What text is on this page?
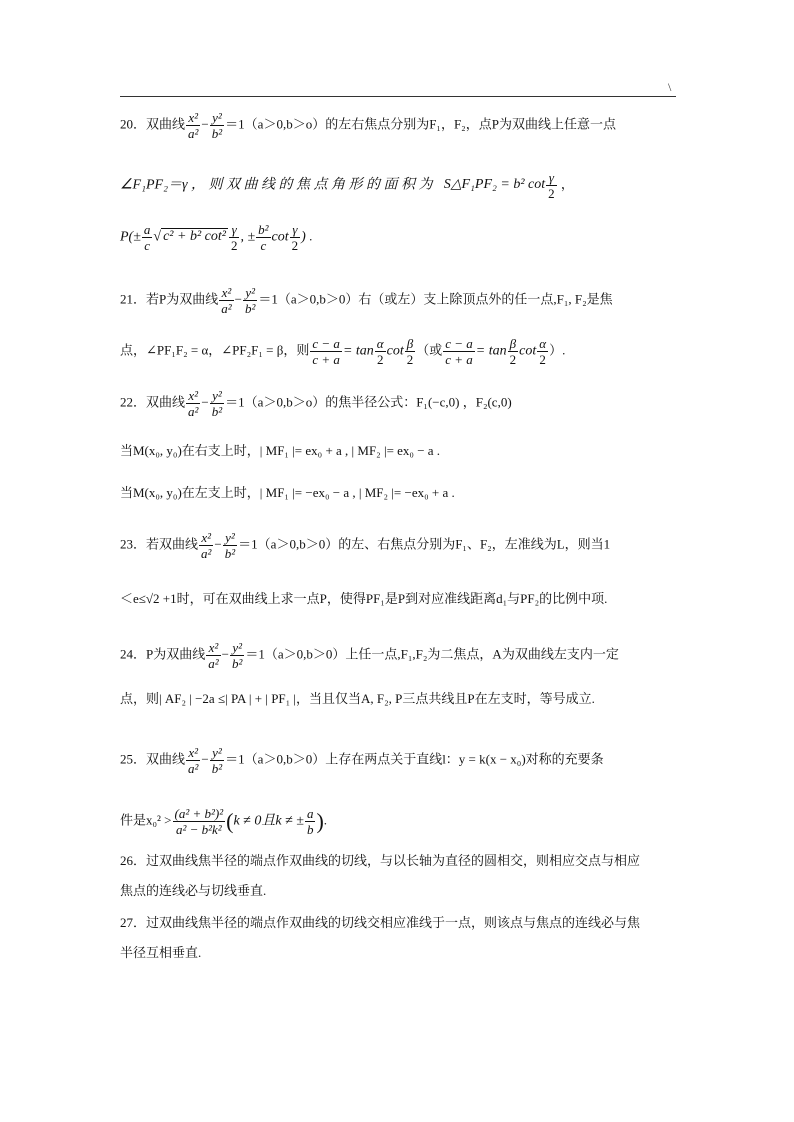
\
20．双曲线 $\frac{\text{x²}}{\text{a²}} - \frac{\text{y²}}{\text{b²}} =1(a>0,b>o)$的左右焦点分别为F₁，F₂，点P为双曲线上任意一点
∠F₁PF₂＝γ ， 则 双 曲 线 的 焦 点 角 形 的 面 积 为 S△F₁PF₂ = b² $\cot \frac{\gamma}{2}$ ，
$P(\pm \frac{a}{c}$ √ c² + b² $\cot^2 \frac{\gamma}{2}$ , ± $\frac{\text{b²}}{c}$ $\cot \frac{\gamma}{2}$ ) .
21．若P为双曲线 $\frac{\text{x²}}{\text{a²}} - \frac{\text{y²}}{\text{b²}} =1(a>0,b>0)$右（或左）支上除顶点外的任一点,F₁, F₂是焦
点，∠PF₁F₂ = α，∠PF₂F₁ = β，则 $\frac{c - a}{c + a} = \tan \frac{\alpha}{2}$ $\cot \frac{\beta}{2}$ （或 $\frac{c - a}{c + a} = \tan \frac{\beta}{2}$ $\cot \frac{\alpha}{2}$ ）.
22．双曲线 $\frac{\text{x²}}{\text{a²}} - \frac{\text{y²}}{\text{b²}} =1(a>0,b>o)$的焦半径公式：F₁(−c,0) ，F₂(c,0)
当M(x₀, y₀)在右支上时，| MF₁ |= ex₀ + a , | MF₂ |= ex₀ − a .
当M(x₀, y₀)在左支上时，| MF₁ |= −ex₀ − a , | MF₂ |= −ex₀ + a .
23．若双曲线 $\frac{\text{x²}}{\text{a²}} - \frac{\text{y²}}{\text{b²}} =1(a>0,b>0)$的左、右焦点分别为F₁、F₂，左准线为L，则当1
＜e≤√2 +1时，可在双曲线上求一点P，使得PF₁是P到对应准线距离d₁与PF₂的比例中项.
24．P为双曲线 $\frac{\text{x²}}{\text{a²}} - \frac{\text{y²}}{\text{b²}} =1(a>0,b>0)$上任一点,F₁,F₂为二焦点，A为双曲线左支内一定
点，则| AF₂ | −2a ≤| PA | + | PF₁ |，当且仅当A, F₂, P三点共线且P在左支时，等号成立.
25．双曲线 $\frac{\text{x²}}{\text{a²}} - \frac{\text{y²}}{\text{b²}} =1(a>0,b>0)$上存在两点关于直线l：y = k(x − x₀)对称的充要条
件是$x_0^2 > \frac{\text{(a² + b²)²}}{\text{a² − b²k²}} (k \ne 0$且k ≠ ± $\frac{a}{b}$ ).
26．过双曲线焦半径的端点作双曲线的切线，与以长轴为直径的圆相交，则相应交点与相应
焦点的连线必与切线垂直.
27．过双曲线焦半径的端点作双曲线的切线交相应准线于一点，则该点与焦点的连线必与焦
半径互相垂直.
